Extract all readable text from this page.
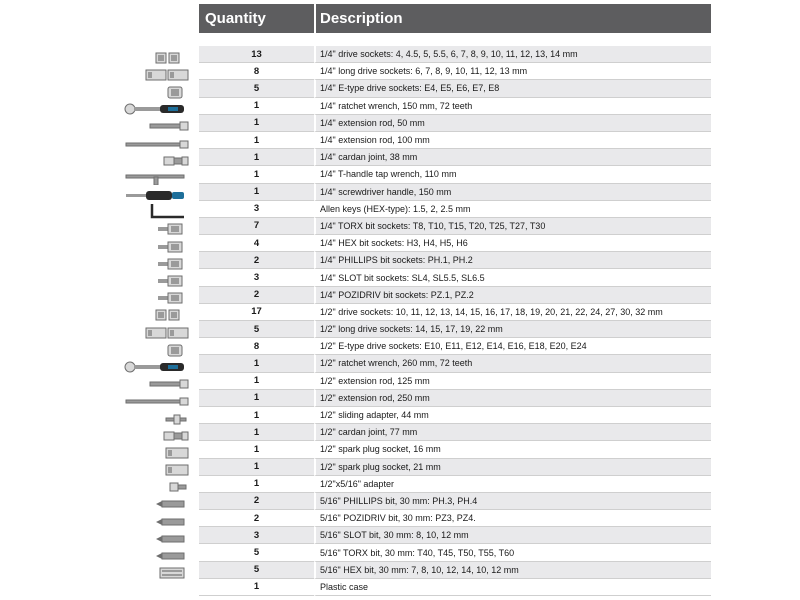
Quantity	Description
13	1/4" drive sockets: 4, 4.5, 5, 5.5, 6, 7, 8, 9, 10, 11, 12, 13, 14 mm
8	1/4" long drive sockets: 6, 7, 8, 9, 10, 11, 12, 13 mm
5	1/4" E-type drive sockets: E4, E5, E6, E7, E8
1	1/4" ratchet wrench, 150 mm, 72 teeth
1	1/4" extension rod, 50 mm
1	1/4" extension rod, 100 mm
1	1/4" cardan joint, 38 mm
1	1/4" T-handle tap wrench, 110 mm
1	1/4" screwdriver handle, 150 mm
3	Allen keys (HEX-type): 1.5, 2, 2.5 mm
7	1/4" TORX bit sockets: T8, T10, T15, T20, T25, T27, T30
4	1/4" HEX bit sockets: H3, H4, H5, H6
2	1/4" PHILLIPS bit sockets: PH.1, PH.2
3	1/4" SLOT bit sockets: SL4, SL5.5, SL6.5
2	1/4" POZIDRIV bit sockets: PZ.1, PZ.2
17	1/2" drive sockets: 10, 11, 12, 13, 14, 15, 16, 17, 18, 19, 20, 21, 22, 24, 27, 30, 32 mm
5	1/2" long drive sockets: 14, 15, 17, 19, 22 mm
8	1/2" E-type drive sockets: E10, E11, E12, E14, E16, E18, E20, E24
1	1/2" ratchet wrench, 260 mm, 72 teeth
1	1/2" extension rod, 125 mm
1	1/2" extension rod, 250 mm
1	1/2" sliding adapter, 44 mm
1	1/2" cardan joint, 77 mm
1	1/2" spark plug socket, 16 mm
1	1/2" spark plug socket, 21 mm
1	1/2"x5/16" adapter
2	5/16" PHILLIPS bit, 30 mm: PH.3, PH.4
2	5/16" POZIDRIV bit, 30 mm: PZ3, PZ4.
3	5/16" SLOT bit, 30 mm: 8, 10, 12 mm
5	5/16" TORX bit, 30 mm: T40, T45, T50, T55, T60
5	5/16" HEX bit, 30 mm: 7, 8, 10, 12, 14, 10, 12 mm
1	Plastic case
